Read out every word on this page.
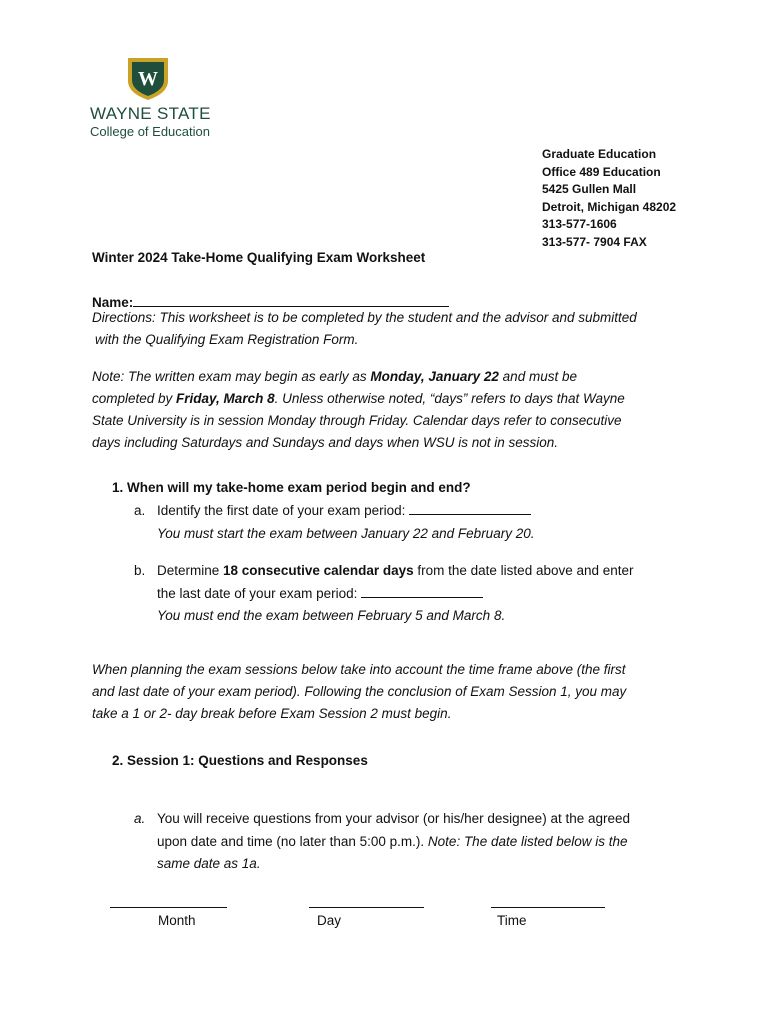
W
WAYNE STATE
College of Education
Graduate Education
Office 489 Education
5425 Gullen Mall
Detroit, Michigan 48202
313-577-1606
313-577- 7904 FAX
Winter 2024 Take-Home Qualifying Exam Worksheet
Name:
Directions: This worksheet is to be completed by the student and the advisor and submitted
with the Qualifying Exam Registration Form.
Note: The written exam may begin as early as Monday, January 22 and must be
completed by Friday, March 8. Unless otherwise noted, “days” refers to days that Wayne
State University is in session Monday through Friday. Calendar days refer to consecutive
days including Saturdays and Sundays and days when WSU is not in session.
1. When will my take-home exam period begin and end?
a. Identify the first date of your exam period:
You must start the exam between January 22 and February 20.
b. Determine 18 consecutive calendar days from the date listed above and enter
the last date of your exam period:
You must end the exam between February 5 and March 8.
When planning the exam sessions below take into account the time frame above (the first
and last date of your exam period). Following the conclusion of Exam Session 1, you may
take a 1 or 2- day break before Exam Session 2 must begin.
2. Session 1: Questions and Responses
a. You will receive questions from your advisor (or his/her designee) at the agreed
upon date and time (no later than 5:00 p.m.). Note: The date listed below is the
same date as 1a.
Month	Day	Time
